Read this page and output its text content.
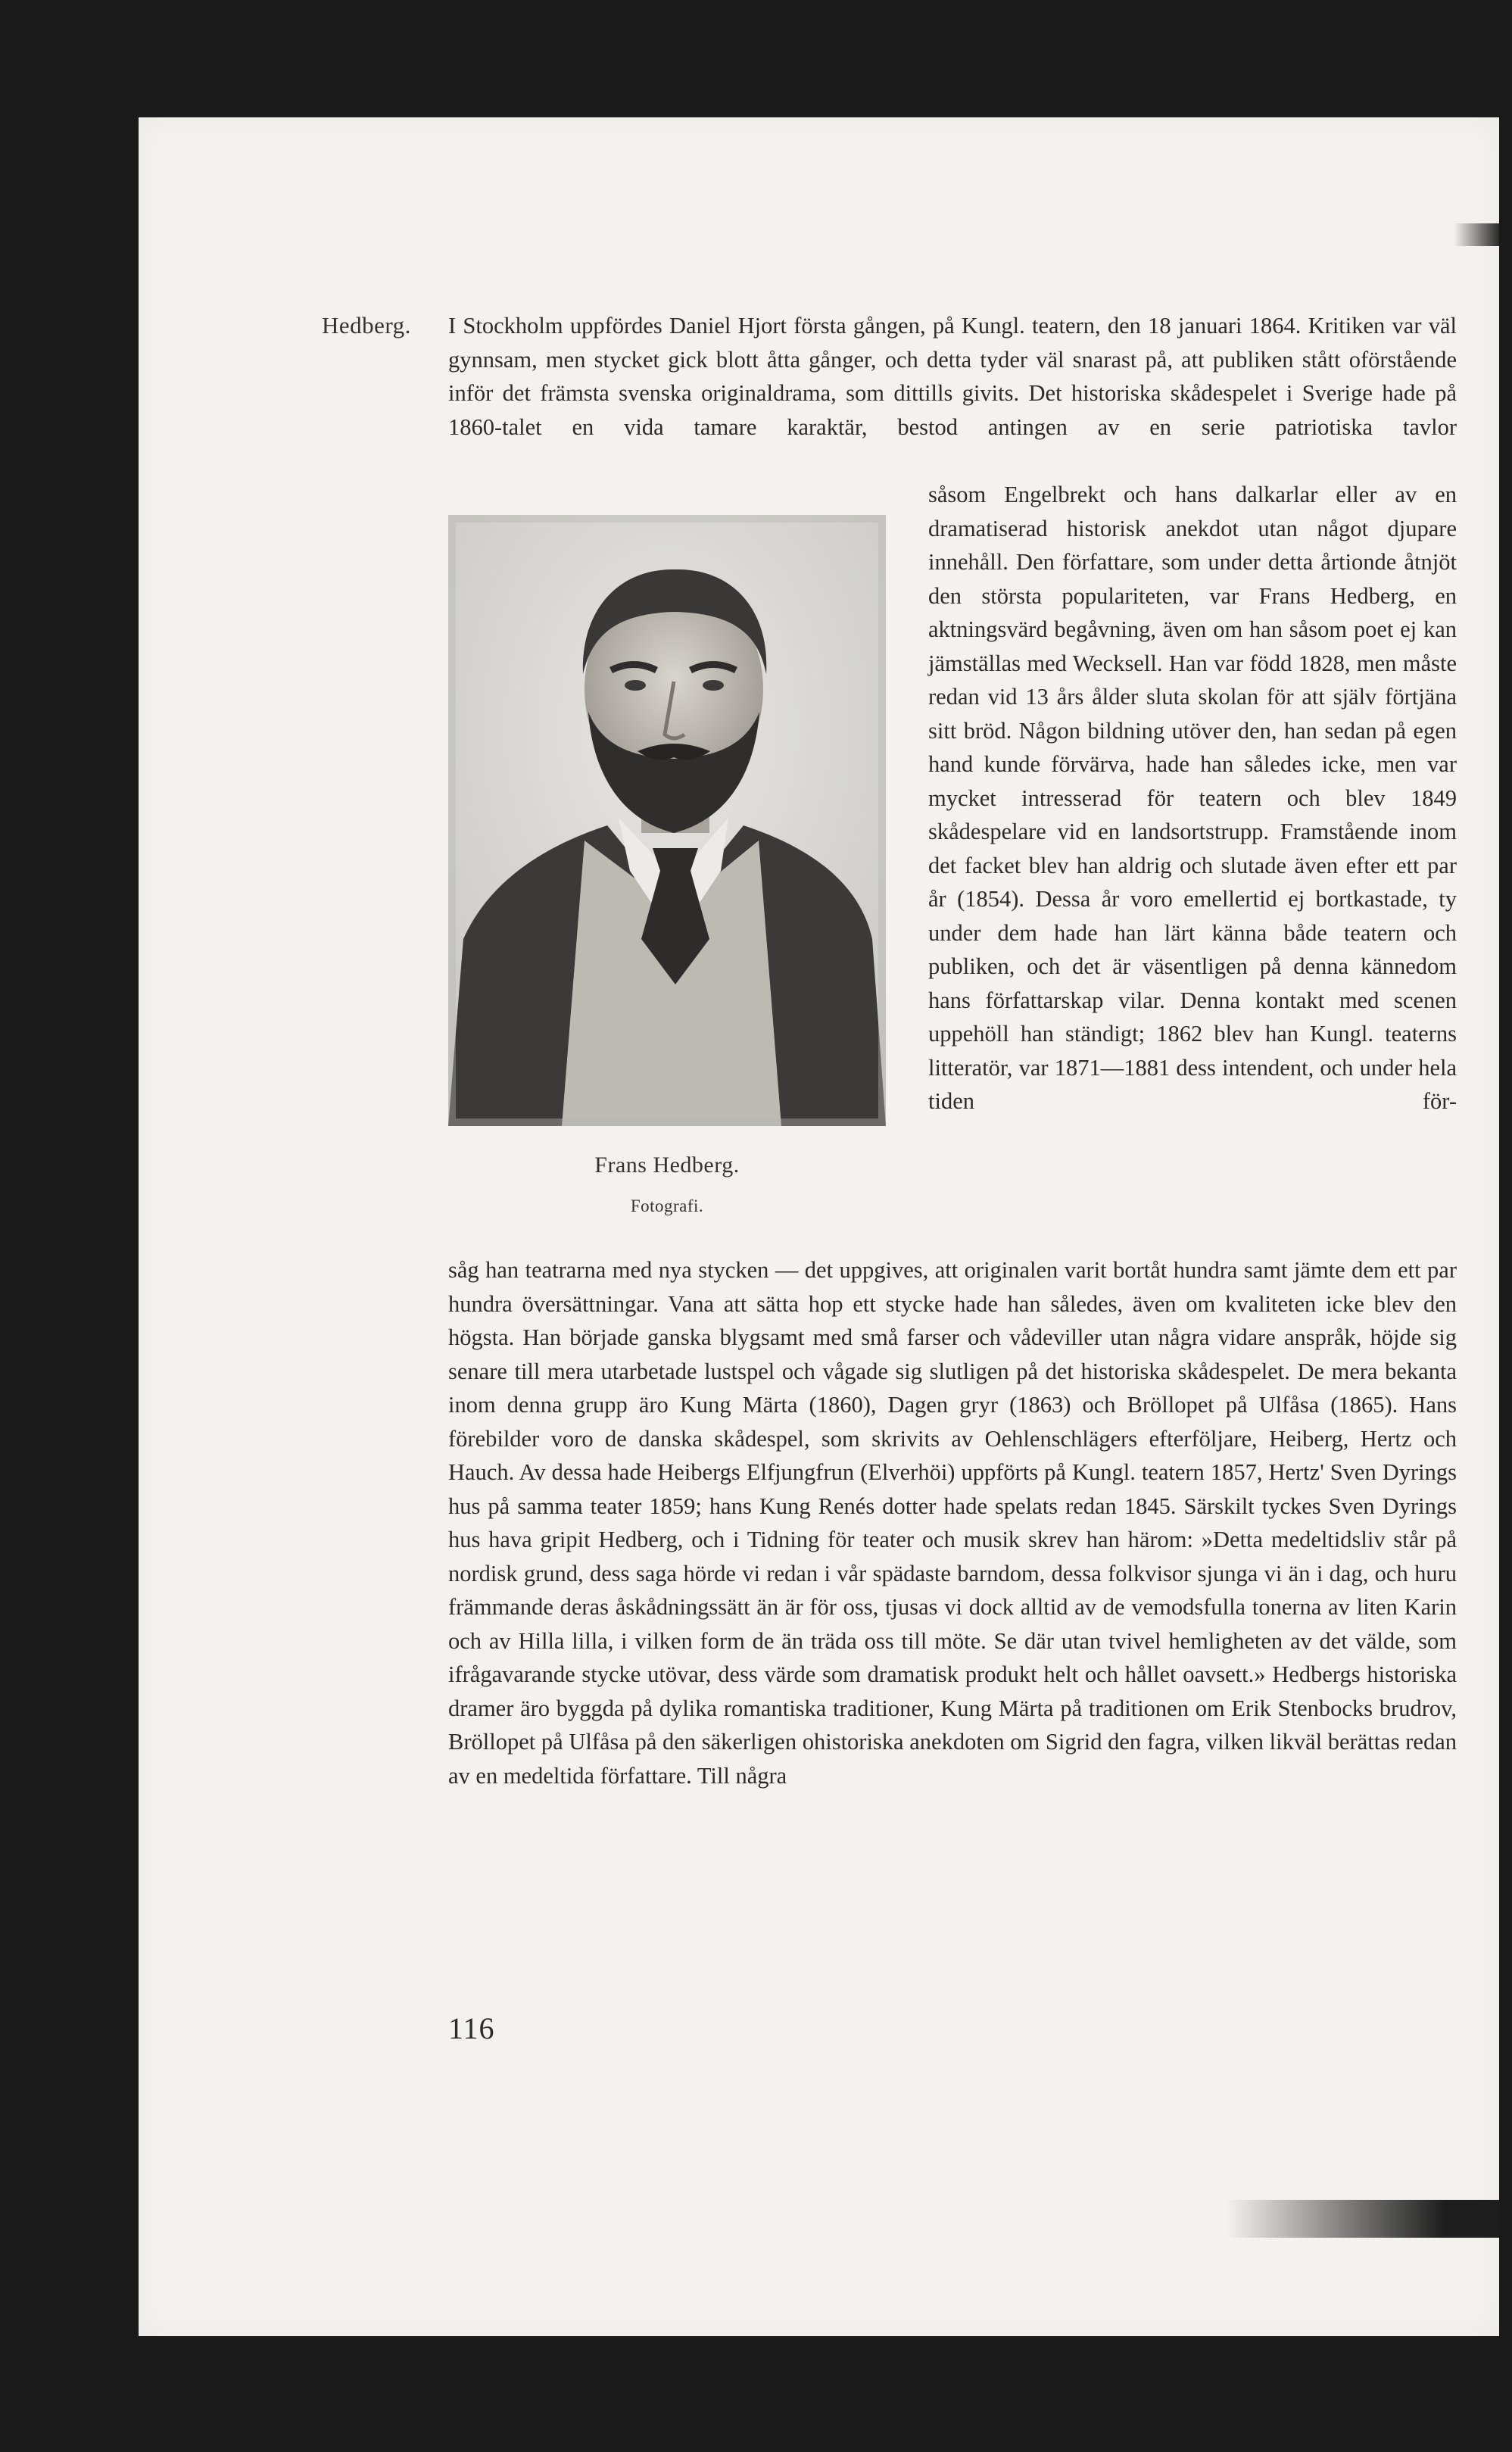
Hedberg. I Stockholm uppfördes Daniel Hjort första gången, på Kungl. teatern, den 18 januari 1864. Kritiken var väl gynnsam, men stycket gick blott åtta gånger, och detta tyder väl snarast på, att publiken stått oförstående inför det främsta svenska originaldrama, som dittills givits. Det historiska skådespelet i Sverige hade på 1860-talet en vida tamare karaktär, bestod antingen av en serie patriotiska tavlor

Frans Hedberg.
Fotografi.

såsom Engelbrekt och hans dalkarlar eller av en dramatiserad historisk anekdot utan något djupare innehåll. Den författare, som under detta årtionde åtnjöt den största populariteten, var Frans Hedberg, en aktningsvärd begåvning, även om han såsom poet ej kan jämställas med Wecksell. Han var född 1828, men måste redan vid 13 års ålder sluta skolan för att själv förtjäna sitt bröd. Någon bildning utöver den, han sedan på egen hand kunde förvärva, hade han således icke, men var mycket intresserad för teatern och blev 1849 skådespelare vid en landsortstrupp. Framstående inom det facket blev han aldrig och slutade även efter ett par år (1854). Dessa år voro emellertid ej bortkastade, ty under dem hade han lärt känna både teatern och publiken, och det är väsentligen på denna kännedom hans författarskap vilar. Denna kontakt med scenen uppehöll han ständigt; 1862 blev han Kungl. teaterns litteratör, var 1871—1881 dess intendent, och under hela tiden för-

såg han teatrarna med nya stycken — det uppgives, att originalen varit bortåt hundra samt jämte dem ett par hundra översättningar. Vana att sätta hop ett stycke hade han således, även om kvaliteten icke blev den högsta. Han började ganska blygsamt med små farser och vådeviller utan några vidare anspråk, höjde sig senare till mera utarbetade lustspel och vågade sig slutligen på det historiska skådespelet. De mera bekanta inom denna grupp äro Kung Märta (1860), Dagen gryr (1863) och Bröllopet på Ulfåsa (1865). Hans förebilder voro de danska skådespel, som skrivits av Oehlenschlägers efterföljare, Heiberg, Hertz och Hauch. Av dessa hade Heibergs Elfjungfrun (Elverhöi) uppförts på Kungl. teatern 1857, Hertz' Sven Dyrings hus på samma teater 1859; hans Kung Renés dotter hade spelats redan 1845. Särskilt tyckes Sven Dyrings hus hava gripit Hedberg, och i Tidning för teater och musik skrev han härom: »Detta medeltidsliv står på nordisk grund, dess saga hörde vi redan i vår spädaste barndom, dessa folkvisor sjunga vi än i dag, och huru främmande deras åskådningssätt än är för oss, tjusas vi dock alltid av de vemodsfulla tonerna av liten Karin och av Hilla lilla, i vilken form de än träda oss till möte. Se där utan tvivel hemligheten av det välde, som ifrågavarande stycke utövar, dess värde som dramatisk produkt helt och hållet oavsett.» Hedbergs historiska dramer äro byggda på dylika romantiska traditioner, Kung Märta på traditionen om Erik Stenbocks brudrov, Bröllopet på Ulfåsa på den säkerligen ohistoriska anekdoten om Sigrid den fagra, vilken likväl berättas redan av en medeltida författare. Till några

116
